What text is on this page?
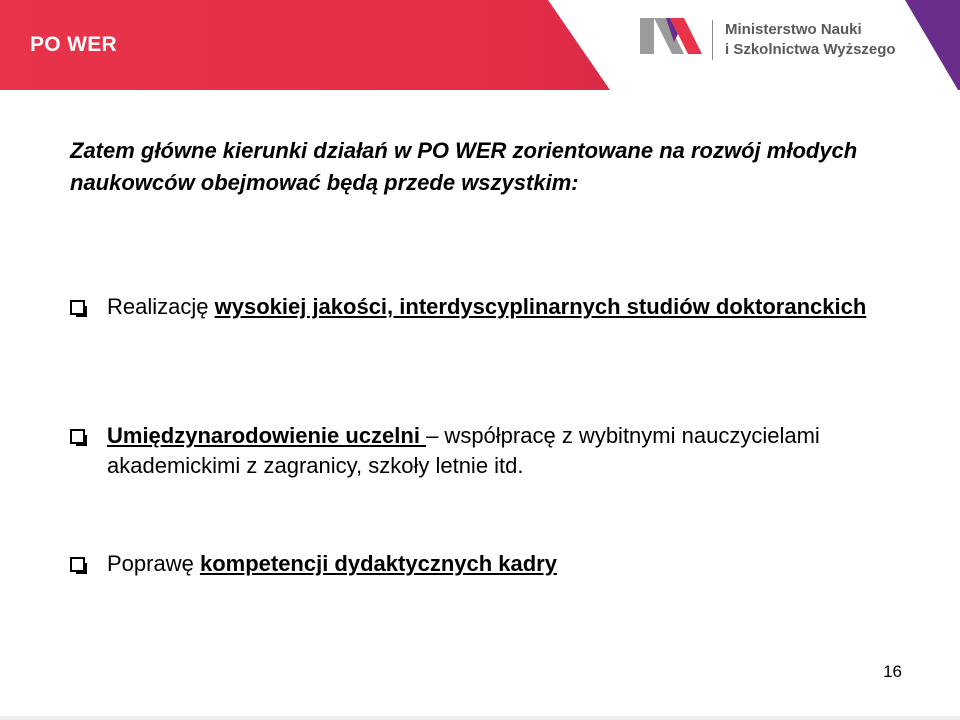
PO WER
Ministerstwo Nauki
i Szkolnictwa Wyższego
Zatem główne kierunki działań w PO WER zorientowane na rozwój młodych naukowców obejmować będą przede wszystkim:
Realizację wysokiej jakości, interdyscyplinarnych studiów doktoranckich
Umiędzynarodowienie uczelni – współpracę z wybitnymi nauczycielami akademickimi z zagranicy, szkoły letnie itd.
Poprawę kompetencji dydaktycznych kadry
16
